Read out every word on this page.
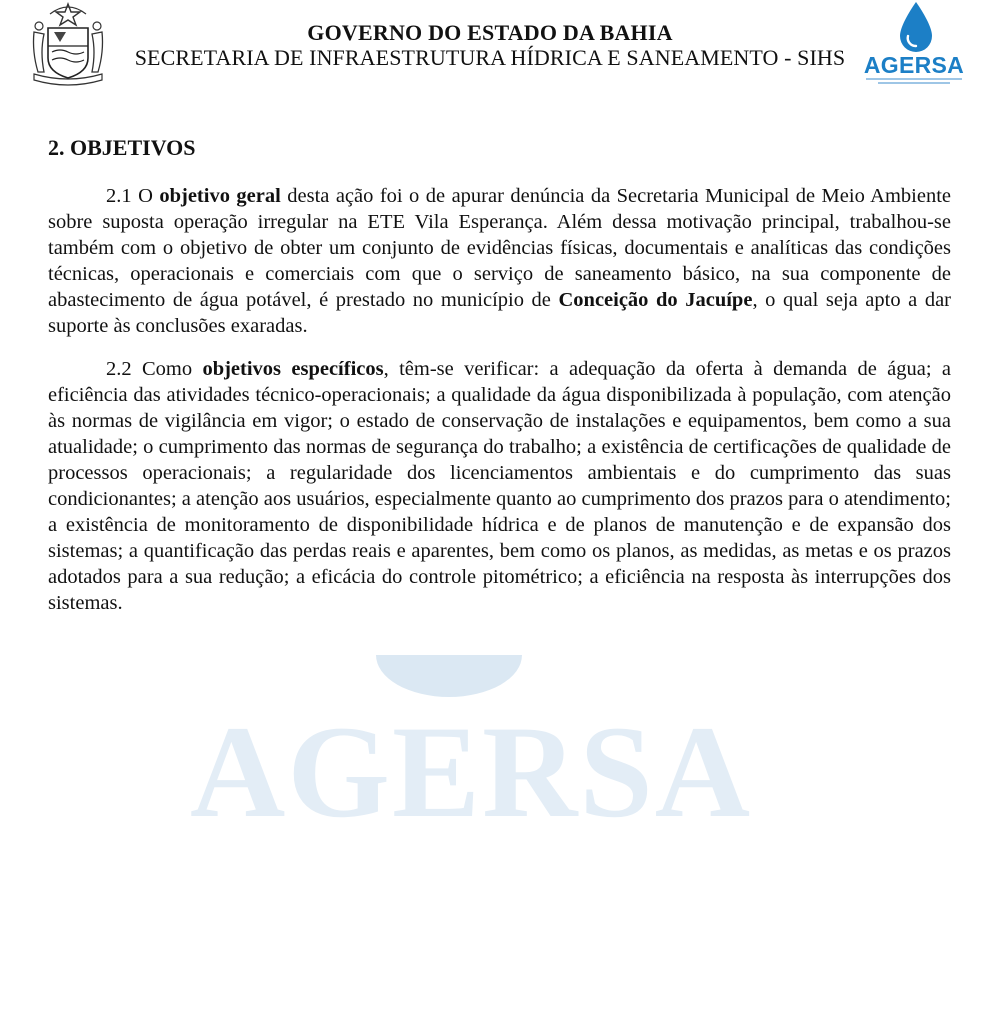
AGERSA
GOVERNO DO ESTADO DA BAHIA
SECRETARIA DE INFRAESTRUTURA HÍDRICA E SANEAMENTO - SIHS AGERSA
2. OBJETIVOS

2.1 O objetivo geral desta ação foi o de apurar denúncia da Secretaria Municipal de Meio Ambiente sobre suposta operação irregular na ETE Vila Esperança. Além dessa motivação principal, trabalhou-se também com o objetivo de obter um conjunto de evidências físicas, documentais e analíticas das condições técnicas, operacionais e comerciais com que o serviço de saneamento básico, na sua componente de abastecimento de água potável, é prestado no município de Conceição do Jacuípe, o qual seja apto a dar suporte às conclusões exaradas.

2.2 Como objetivos específicos, têm-se verificar: a adequação da oferta à demanda de água; a eficiência das atividades técnico-operacionais; a qualidade da água disponibilizada à população, com atenção às normas de vigilância em vigor; o estado de conservação de instalações e equipamentos, bem como a sua atualidade; o cumprimento das normas de segurança do trabalho; a existência de certificações de qualidade de processos operacionais; a regularidade dos licenciamentos ambientais e do cumprimento das suas condicionantes; a atenção aos usuários, especialmente quanto ao cumprimento dos prazos para o atendimento; a existência de monitoramento de disponibilidade hídrica e de planos de manutenção e de expansão dos sistemas; a quantificação das perdas reais e aparentes, bem como os planos, as medidas, as metas e os prazos adotados para a sua redução; a eficácia do controle pitométrico; a eficiência na resposta às interrupções dos sistemas.
